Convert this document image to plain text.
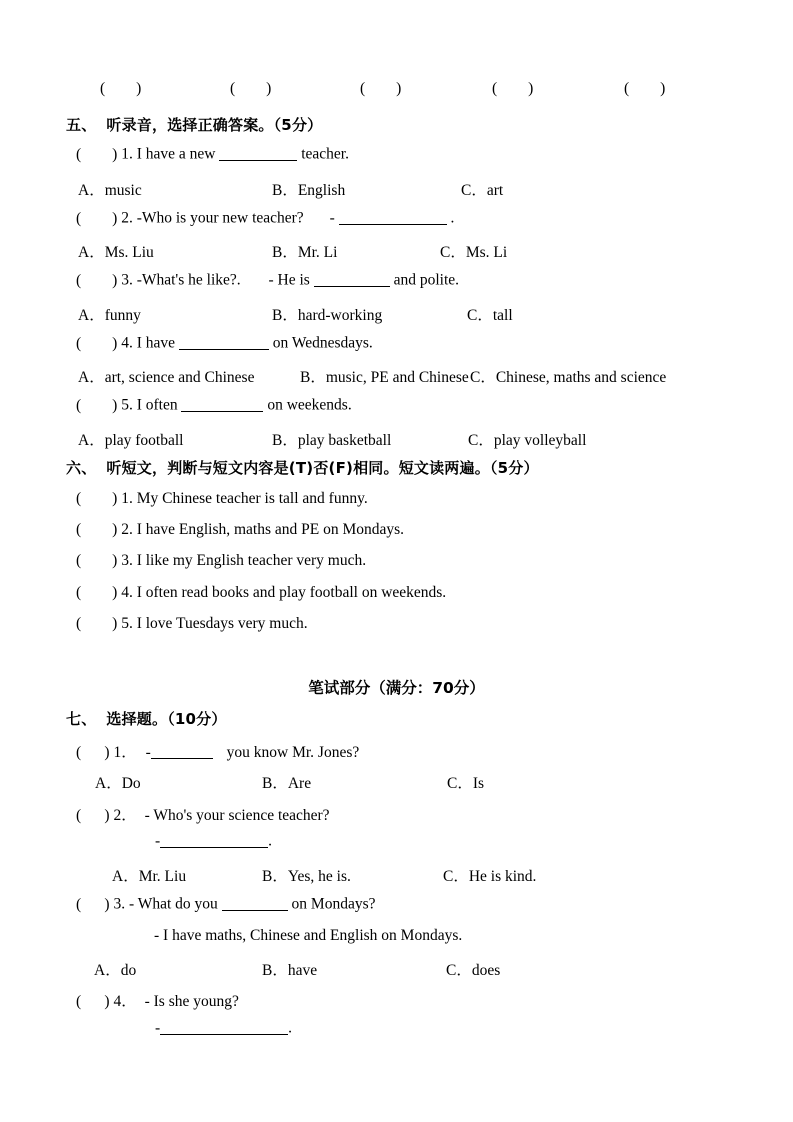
(        )	(        )	(        )	(        )	(        )
五、 听录音，选择正确答案。（5分）
(        ) 1. I have a new	teacher.
A．music	B．English	C．art
(        ) 2. -Who is your new teacher? -	.
A．Ms. Liu	B．Mr. Li	C．Ms. Li
(        ) 3. -What's he like?. - He is	and polite.
A．funny	B．hard-working	C．tall
(        ) 4. I have	on Wednesdays.
A．art, science and Chinese	B．music, PE and Chinese C．Chinese, maths and science
(        ) 5. I often	on weekends.
A．play football	B．play basketball	C．play volleyball
六、 听短文，判断与短文内容是(T)否(F)相同。短文读两遍。（5分）
(        ) 1. My Chinese teacher is tall and funny.
(        ) 2. I have English, maths and PE on Mondays.
(        ) 3. I like my English teacher very much.
(        ) 4. I often read books and play football on weekends.
(        ) 5. I love Tuesdays very much.
笔试部分（满分：70分）
七、 选择题。（10分）
(      ) 1． -	you know Mr. Jones?
A．Do	B．Are	C．Is
(      ) 2． - Who's your science teacher?
-	.
A．Mr. Liu	B．Yes, he is.	C．He is kind.
(      ) 3. - What do you	on Mondays?
- I have maths, Chinese and English on Mondays.
A．do	B．have	C．does
(      ) 4． - Is she young?
-	.
